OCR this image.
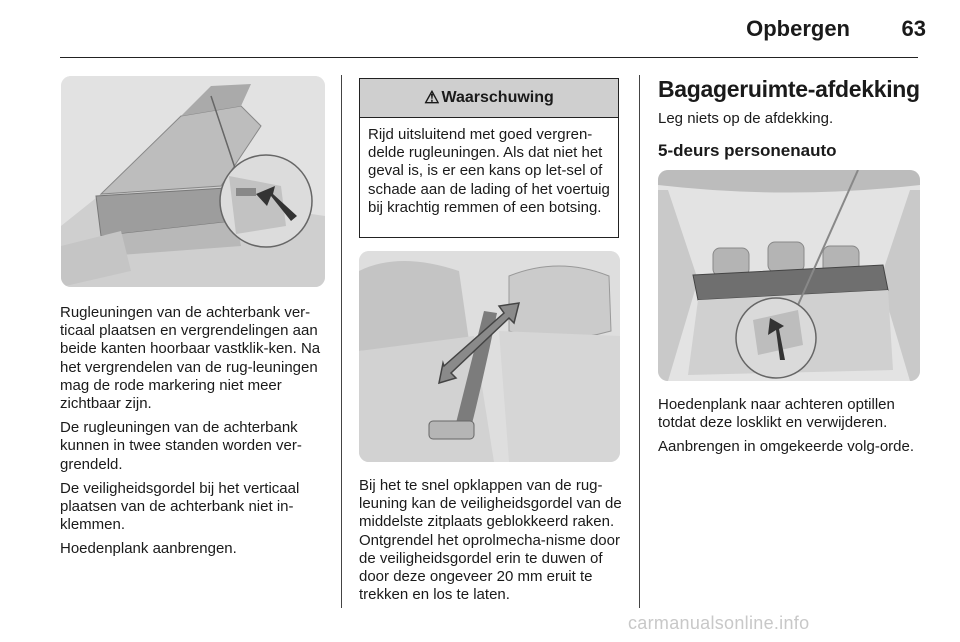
Opbergen	63

Rugleuningen van de achterbank ver-ticaal plaatsen en vergrendelingen aan beide kanten hoorbaar vastklik-ken. Na het vergrendelen van de rug-leuningen mag de rode markering niet meer zichtbaar zijn.

De rugleuningen van de achterbank kunnen in twee standen worden ver-grendeld.

De veiligheidsgordel bij het verticaal plaatsen van de achterbank niet in-klemmen.

Hoedenplank aanbrengen.

⚠ Waarschuwing
Rijd uitsluitend met goed vergren-delde rugleuningen. Als dat niet het geval is, is er een kans op let-sel of schade aan de lading of het voertuig bij krachtig remmen of een botsing.
Bij het te snel opklappen van de rug-leuning kan de veiligheidsgordel van de middelste zitplaats geblokkeerd raken. Ontgrendel het oprolmecha-nisme door de veiligheidsgordel erin te duwen of door deze ongeveer 20 mm eruit te trekken en los te laten.
Bagageruimte-afdekking
Leg niets op de afdekking.
5-deurs personenauto

Hoedenplank naar achteren optillen totdat deze losklikt en verwijderen.

Aanbrengen in omgekeerde volg-orde.

carmanualsonline.info
